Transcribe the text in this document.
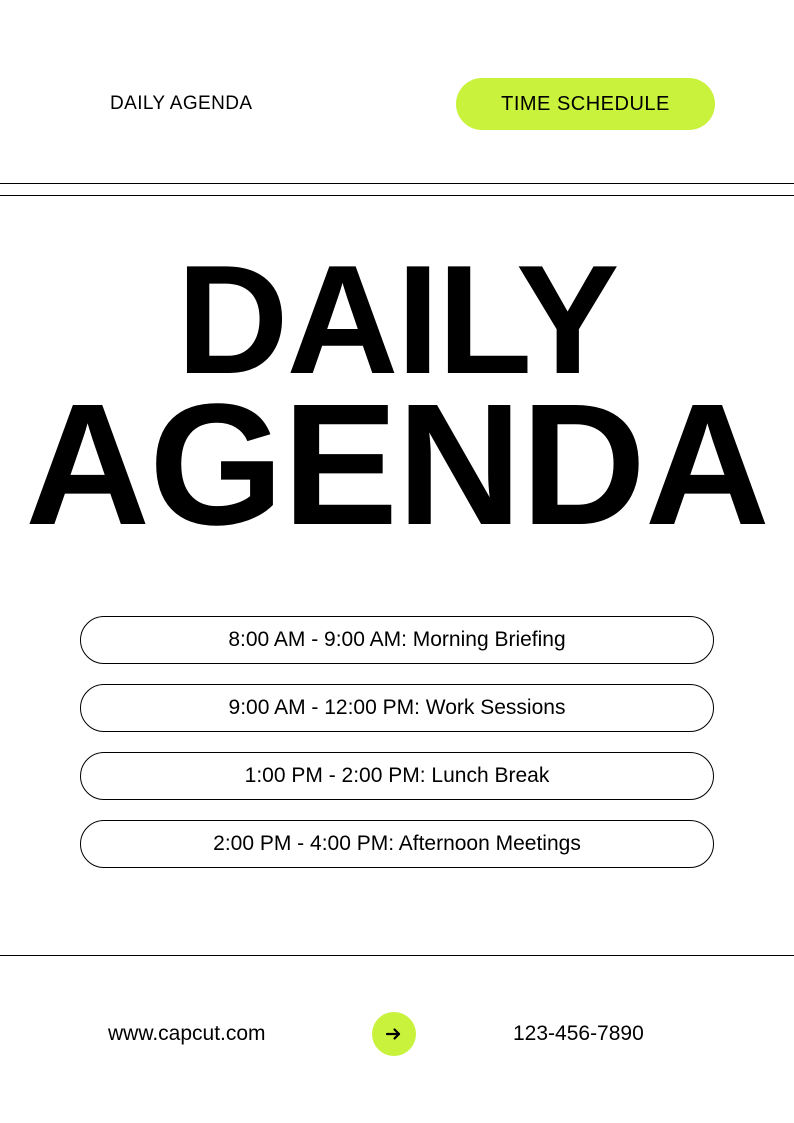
DAILY AGENDA	TIME SCHEDULE
DAILY
AGENDA
8:00 AM - 9:00 AM: Morning Briefing
9:00 AM - 12:00 PM: Work Sessions
1:00 PM - 2:00 PM: Lunch Break
2:00 PM - 4:00 PM: Afternoon Meetings
www.capcut.com	123-456-7890
